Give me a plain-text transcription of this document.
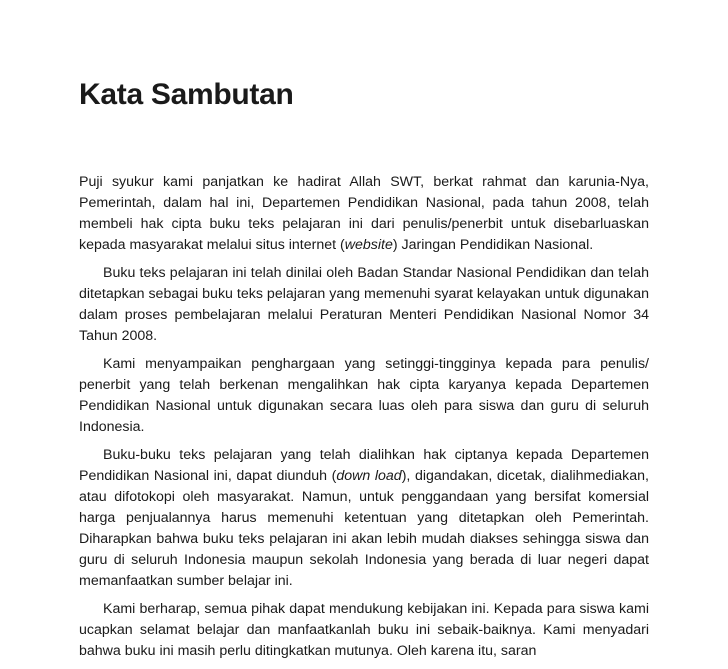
Kata Sambutan

Puji syukur kami panjatkan ke hadirat Allah SWT, berkat rahmat dan karunia-Nya, Pemerintah, dalam hal ini, Departemen Pendidikan Nasional, pada tahun 2008, telah membeli hak cipta buku teks pelajaran ini dari penulis/penerbit untuk disebarluaskan kepada masyarakat melalui situs internet (website) Jaringan Pendidikan Nasional.

Buku teks pelajaran ini telah dinilai oleh Badan Standar Nasional Pendidikan dan telah ditetapkan sebagai buku teks pelajaran yang memenuhi syarat kelayakan untuk digunakan dalam proses pembelajaran melalui Peraturan Menteri Pendidikan Nasional Nomor 34 Tahun 2008.

Kami menyampaikan penghargaan yang setinggi-tingginya kepada para penulis/ penerbit yang telah berkenan mengalihkan hak cipta karyanya kepada Departemen Pendidikan Nasional untuk digunakan secara luas oleh para siswa dan guru di seluruh Indonesia.

Buku-buku teks pelajaran yang telah dialihkan hak ciptanya kepada Departemen Pendidikan Nasional ini, dapat diunduh (down load), digandakan, dicetak, dialihmediakan, atau difotokopi oleh masyarakat. Namun, untuk penggandaan yang bersifat komersial harga penjualannya harus memenuhi ketentuan yang ditetapkan oleh Pemerintah. Diharapkan bahwa buku teks pelajaran ini akan lebih mudah diakses sehingga siswa dan guru di seluruh Indonesia maupun sekolah Indonesia yang berada di luar negeri dapat memanfaatkan sumber belajar ini.

Kami berharap, semua pihak dapat mendukung kebijakan ini. Kepada para siswa kami ucapkan selamat belajar dan manfaatkanlah buku ini sebaik-baiknya. Kami menyadari bahwa buku ini masih perlu ditingkatkan mutunya. Oleh karena itu, saran
